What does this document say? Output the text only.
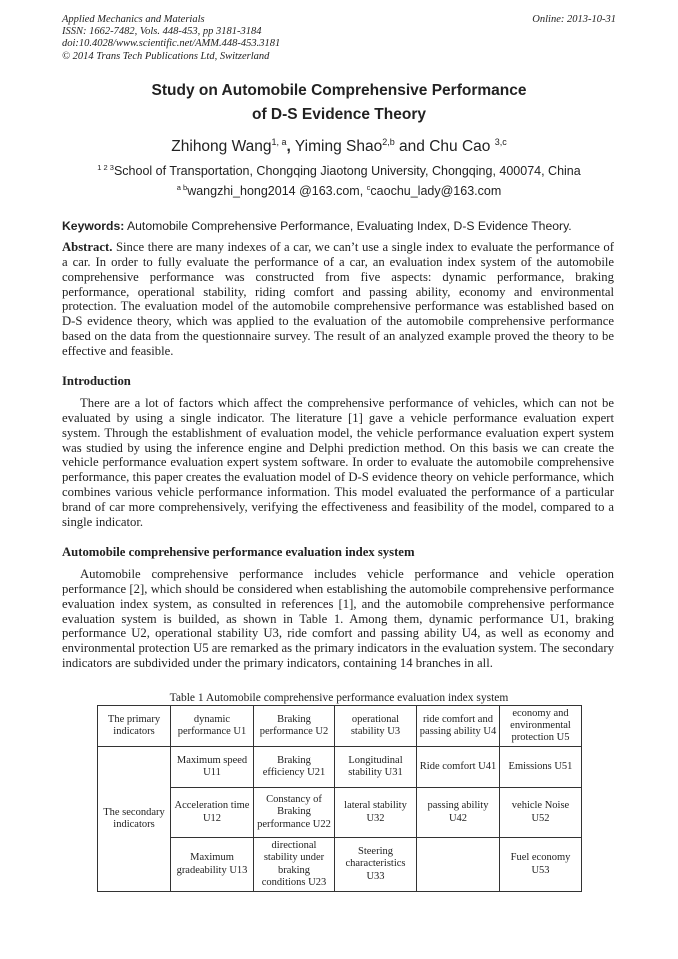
Applied Mechanics and Materials
ISSN: 1662-7482, Vols. 448-453, pp 3181-3184
doi:10.4028/www.scientific.net/AMM.448-453.3181
© 2014 Trans Tech Publications Ltd, Switzerland
Online: 2013-10-31
Study on Automobile Comprehensive Performance
of D-S Evidence Theory
Zhihong Wang$^{1, a}$, Yiming Shao$^{2,b}$ and Chu Cao $^{3,c}$
$^{1 2 3}$School of Transportation, Chongqing Jiaotong University, Chongqing, 400074, China
$^{a b}$wangzhi_hong2014 @163.com, $^c$caochu_lady@163.com
Keywords: Automobile Comprehensive Performance, Evaluating Index, D-S Evidence Theory.
Abstract. Since there are many indexes of a car, we can’t use a single index to evaluate the performance of a car. In order to fully evaluate the performance of a car, an evaluation index system of the automobile comprehensive performance was constructed from five aspects: dynamic performance, braking performance, operational stability, riding comfort and passing ability, economy and environmental protection. The evaluation model of the automobile comprehensive performance was established based on D-S evidence theory, which was applied to the evaluation of the automobile comprehensive performance based on the data from the questionnaire survey. The result of an analyzed example proved the theory to be effective and feasible.
Introduction
There are a lot of factors which affect the comprehensive performance of vehicles, which can not be evaluated by using a single indicator. The literature [1] gave a vehicle performance evaluation expert system. Through the establishment of evaluation model, the vehicle performance evaluation expert system was studied by using the inference engine and Delphi prediction method. On this basis we can create the vehicle performance evaluation expert system software. In order to evaluate the automobile comprehensive performance, this paper creates the evaluation model of D-S evidence theory on vehicle performance, which combines various vehicle performance information. This model evaluated the performance of a particular brand of car more comprehensively, verifying the effectiveness and feasibility of the model, compared to a single indicator.
Automobile comprehensive performance evaluation index system
Automobile comprehensive performance includes vehicle performance and vehicle operation performance [2], which should be considered when establishing the automobile comprehensive performance evaluation index system, as consulted in references [1], and the automobile comprehensive performance evaluation system is builded, as shown in Table 1. Among them, dynamic performance U1, braking performance U2, operational stability U3, ride comfort and passing ability U4, as well as economy and environmental protection U5 are remarked as the primary indicators in the evaluation system. The secondary indicators are subdivided under the primary indicators, containing 14 branches in all.
Table 1 Automobile comprehensive performance evaluation index system
The primary indicators	dynamic performance U1	Braking performance U2	operational stability U3	ride comfort and passing ability U4	economy and environmental protection U5
The secondary indicators	Maximum speed U11	Braking efficiency U21	Longitudinal stability U31	Ride comfort U41	Emissions U51
	Acceleration time U12	Constancy of Braking performance U22	lateral stability U32	passing ability U42	vehicle Noise U52
	Maximum gradeability U13	directional stability under braking conditions U23	Steering characteristics U33		Fuel economy U53
